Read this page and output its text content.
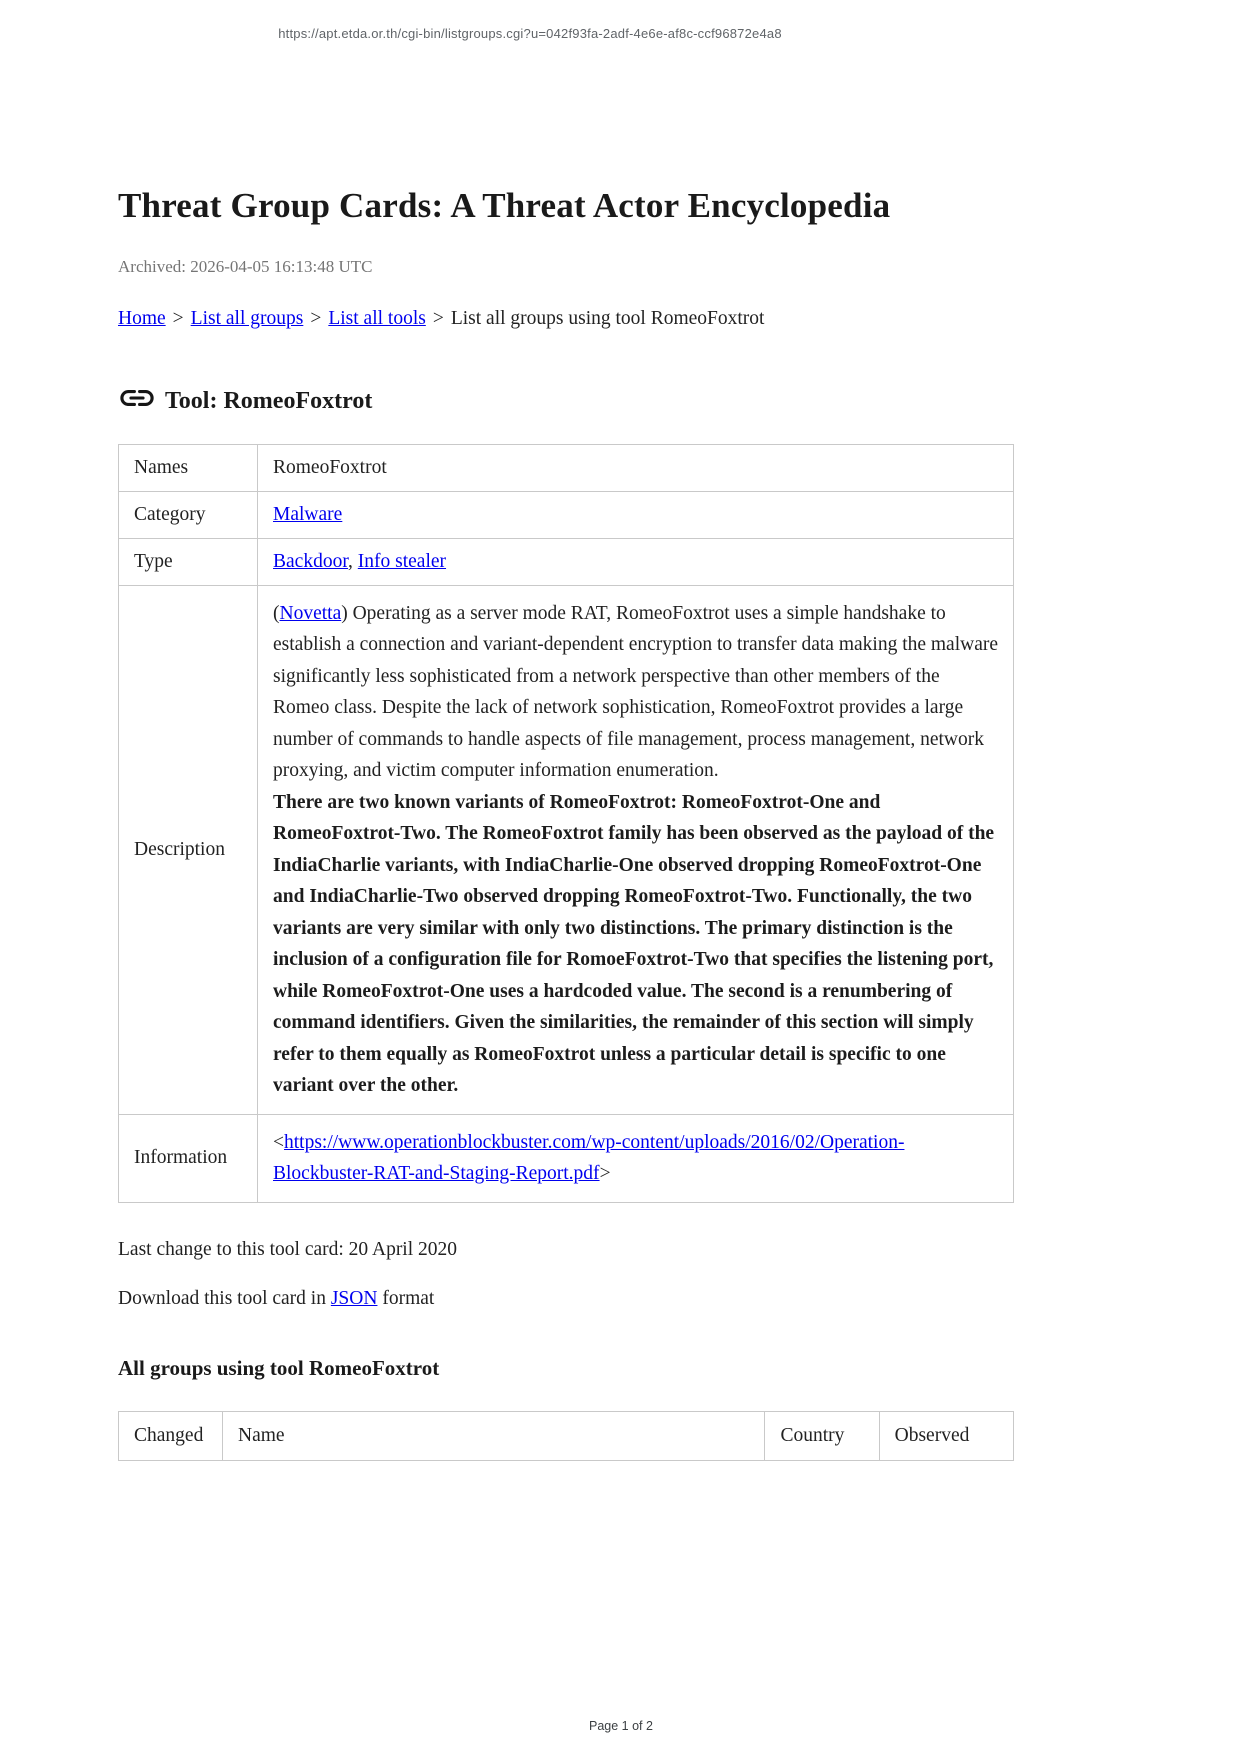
https://apt.etda.or.th/cgi-bin/listgroups.cgi?u=042f93fa-2adf-4e6e-af8c-ccf96872e4a8
Threat Group Cards: A Threat Actor Encyclopedia

Archived: 2026-04-05 16:13:48 UTC

Home > List all groups > List all tools > List all groups using tool RomeoFoxtrot
Tool: RomeoFoxtrot
Names	RomeoFoxtrot
Category	Malware
Type	Backdoor, Info stealer
Description	(Novetta) Operating as a server mode RAT, RomeoFoxtrot uses a simple handshake to establish a connection and variant-dependent encryption to transfer data making the malware significantly less sophisticated from a network perspective than other members of the Romeo class. Despite the lack of network sophistication, RomeoFoxtrot provides a large number of commands to handle aspects of file management, process management, network proxying, and victim computer information enumeration.

There are two known variants of RomeoFoxtrot: RomeoFoxtrot-One and RomeoFoxtrot-Two. The RomeoFoxtrot family has been observed as the payload of the IndiaCharlie variants, with IndiaCharlie-One observed dropping RomeoFoxtrot-One and IndiaCharlie-Two observed dropping RomeoFoxtrot-Two. Functionally, the two variants are very similar with only two distinctions. The primary distinction is the inclusion of a configuration file for RomoeFoxtrot-Two that specifies the listening port, while RomeoFoxtrot-One uses a hardcoded value. The second is a renumbering of command identifiers. Given the similarities, the remainder of this section will simply refer to them equally as RomeoFoxtrot unless a particular detail is specific to one variant over the other.

Information	<https://www.operationblockbuster.com/wp-content/uploads/2016/02/Operation-Blockbuster-RAT-and-Staging-Report.pdf>

Last change to this tool card: 20 April 2020

Download this tool card in JSON format

All groups using tool RomeoFoxtrot
Changed	Name	Country	Observed
Page 1 of 2
